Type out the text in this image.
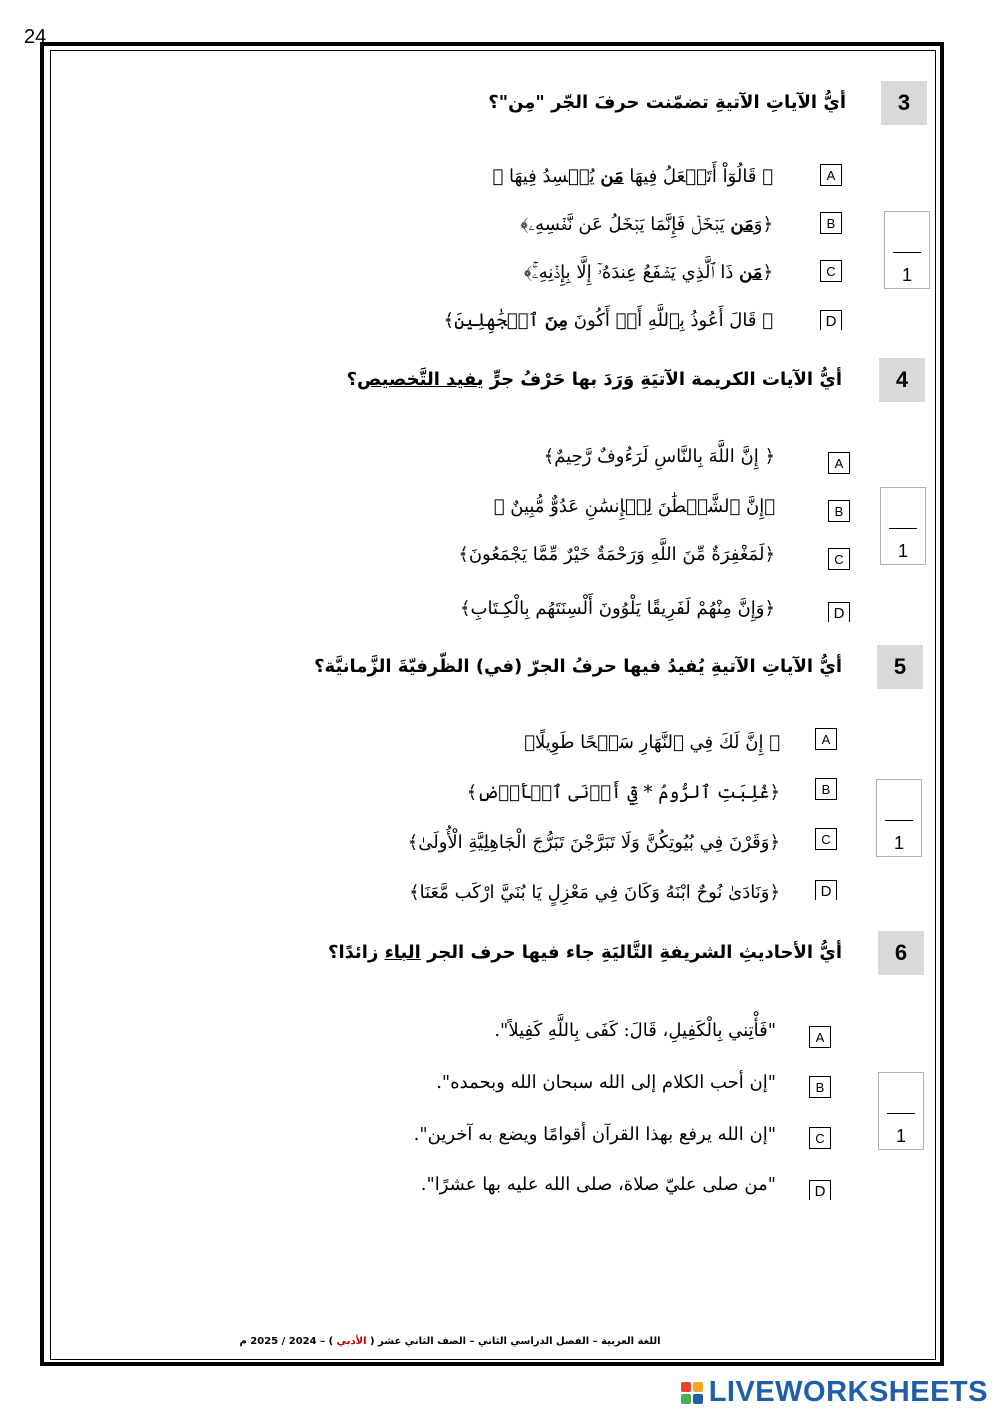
24
3
أيُّ الآياتِ الآتيةِ تضمّنت حرفَ الجّر "مِن"؟
﴿ قَالُوٓاْ أَتَجۡعَلُ فِيهَا مَن يُفۡسِدُ فِيهَا ﴾	A
﴿وَمَن يَبۡخَلۡ فَإِنَّمَا يَبۡخَلُ عَن نَّفۡسِهِۦ﴾	B
﴿مَن ذَا ٱلَّذِي يَشۡفَعُ عِندَهُۥٓ إِلَّا بِإِذۡنِهِۦۚ﴾	C
﴿ قَالَ أَعُوذُ بِٱللَّهِ أَنۡ أَكُونَ مِنَ ٱلۡجَٰهِلِينَ﴾	D
1
4
أيُّ الآيات الكريمة الآتيَةِ وَرَدَ بها حَرْفُ جرٍّ يفيد التَّخصيص؟
﴿ إِنَّ اللَّهَ بِالنَّاسِ لَرَءُوفٌ رَّحِيمٌ﴾	A
﴿إِنَّ ٱلشَّيۡطَٰنَ لِلۡإِنسَٰنِ عَدُوٌّ مُّبِينٌ ﴾	B
﴿لَمَغْفِرَةٌ مِّنَ اللَّهِ وَرَحْمَةٌ خَيْرٌ مِّمَّا يَجْمَعُونَ﴾	C
﴿وَإِنَّ مِنْهُمْ لَفَرِيقًا يَلْوُونَ أَلْسِنَتَهُم بِالْكِـتَابِ﴾	D
1
5
أيُّ الآياتِ الآتيةِ يُفيدُ فيها حرفُ الجرّ (في) الظّرفيّةَ الزَّمانيَّة؟
﴿ إِنَّ لَكَ فِي ٱلنَّهَارِ سَبۡحًا طَوِيلًا﴾	A
﴿غُلِبَتِ ٱلرُّومُ * فِيٓ أَدۡنَى ٱلۡأَرۡضِ﴾	B
﴿وَقَرْنَ فِي بُيُوتِكُنَّ وَلَا تَبَرَّجْنَ تَبَرُّجَ الْجَاهِلِيَّةِ الْأُولَىٰ﴾	C
﴿وَنَادَىٰ نُوحٌ ابْنَهُ وَكَانَ فِي مَعْزِلٍ يَا بُنَيَّ ارْكَب مَّعَنَا﴾	D
1
6
أيُّ الأحاديثِ الشريفةِ التَّاليَةِ جاء فيها حرف الجر الباء زائدًا؟
"فَأْتِني بِالْكَفِيلِ، قَالَ: كَفَى بِاللَّهِ كَفِيلاً".	A
"إن أحب الكلام إلى الله سبحان الله وبحمده".	B
"إن الله يرفع بهذا القرآن أقوامًا ويضع به آخرين".	C
"من صلى عليّ صلاة، صلى الله عليه بها عشرًا".	D
1
اللغة العربية – الفصل الدراسي الثاني – الصف الثاني عشر ( الأدبي ) – 2024 / 2025 م
LIVEWORKSHEETS
